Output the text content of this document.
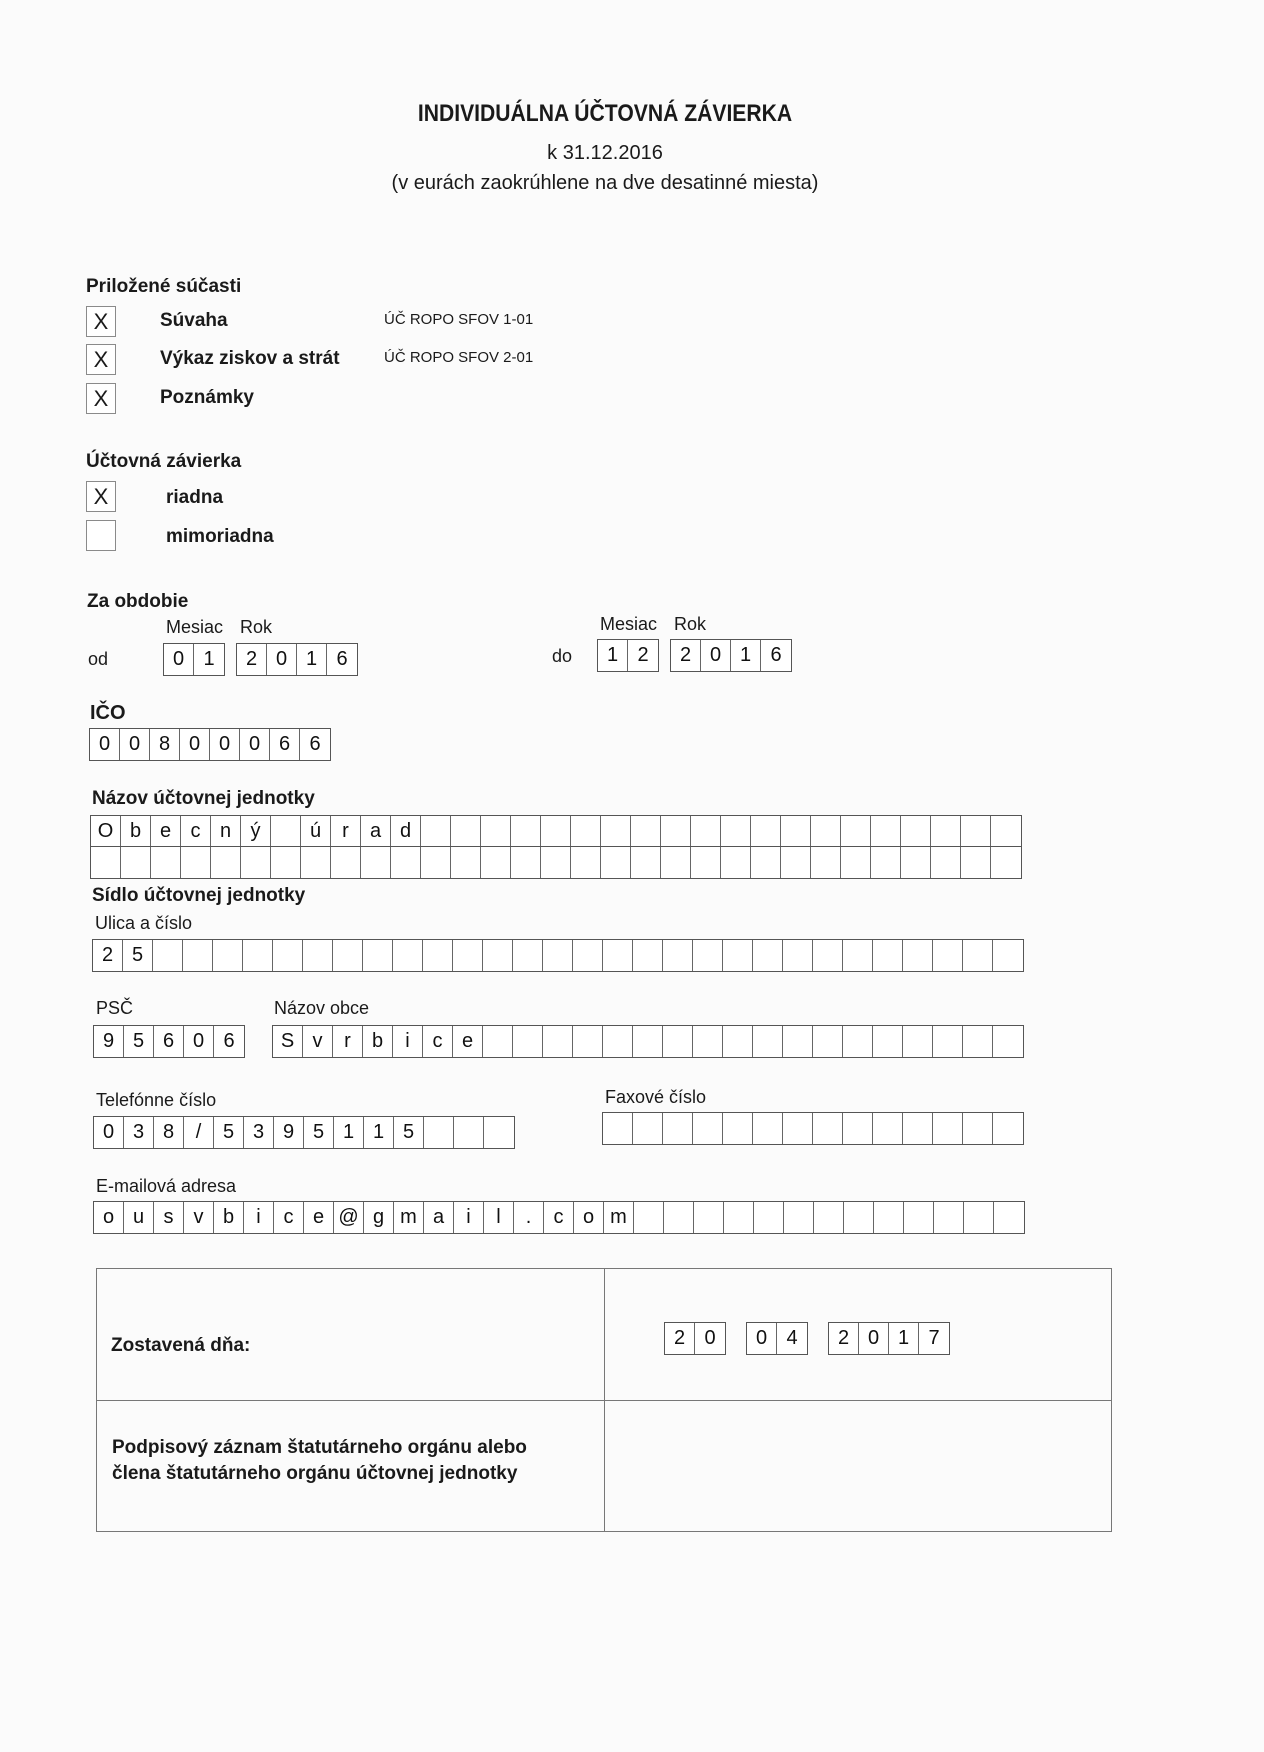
INDIVIDUÁLNA ÚČTOVNÁ ZÁVIERKA
k 31.12.2016
(v eurách zaokrúhlene na dve desatinné miesta)
Priložené súčasti
X	Súvaha	ÚČ ROPO SFOV 1-01
X	Výkaz ziskov a strát	ÚČ ROPO SFOV 2-01
X	Poznámky
Účtovná závierka
X	riadna
mimoriadna
Za obdobie
Mesiac Rok
od	0 1	2 0 1 6
Mesiac Rok
do	1 2	2 0 1 6
IČO
0 0 8 0 0 0 6 6
Názov účtovnej jednotky
O b e c n ý	ú	r	a d
Sídlo účtovnej jednotky
Ulica a číslo
2 5
PSČ	Názov obce
9 5 6 0 6	S v	r	b	i	c e
Telefónne číslo
0 3 8	/	5 3 9 5 1 1 5
Faxové číslo
E-mailová adresa
o u s	v b	i	c e @ g m a	i	l	.	c o m
Zostavená dňa:	2 0	0 4	2 0 1 7
Podpisový záznam štatutárneho orgánu alebo
člena štatutárneho orgánu účtovnej jednotky
